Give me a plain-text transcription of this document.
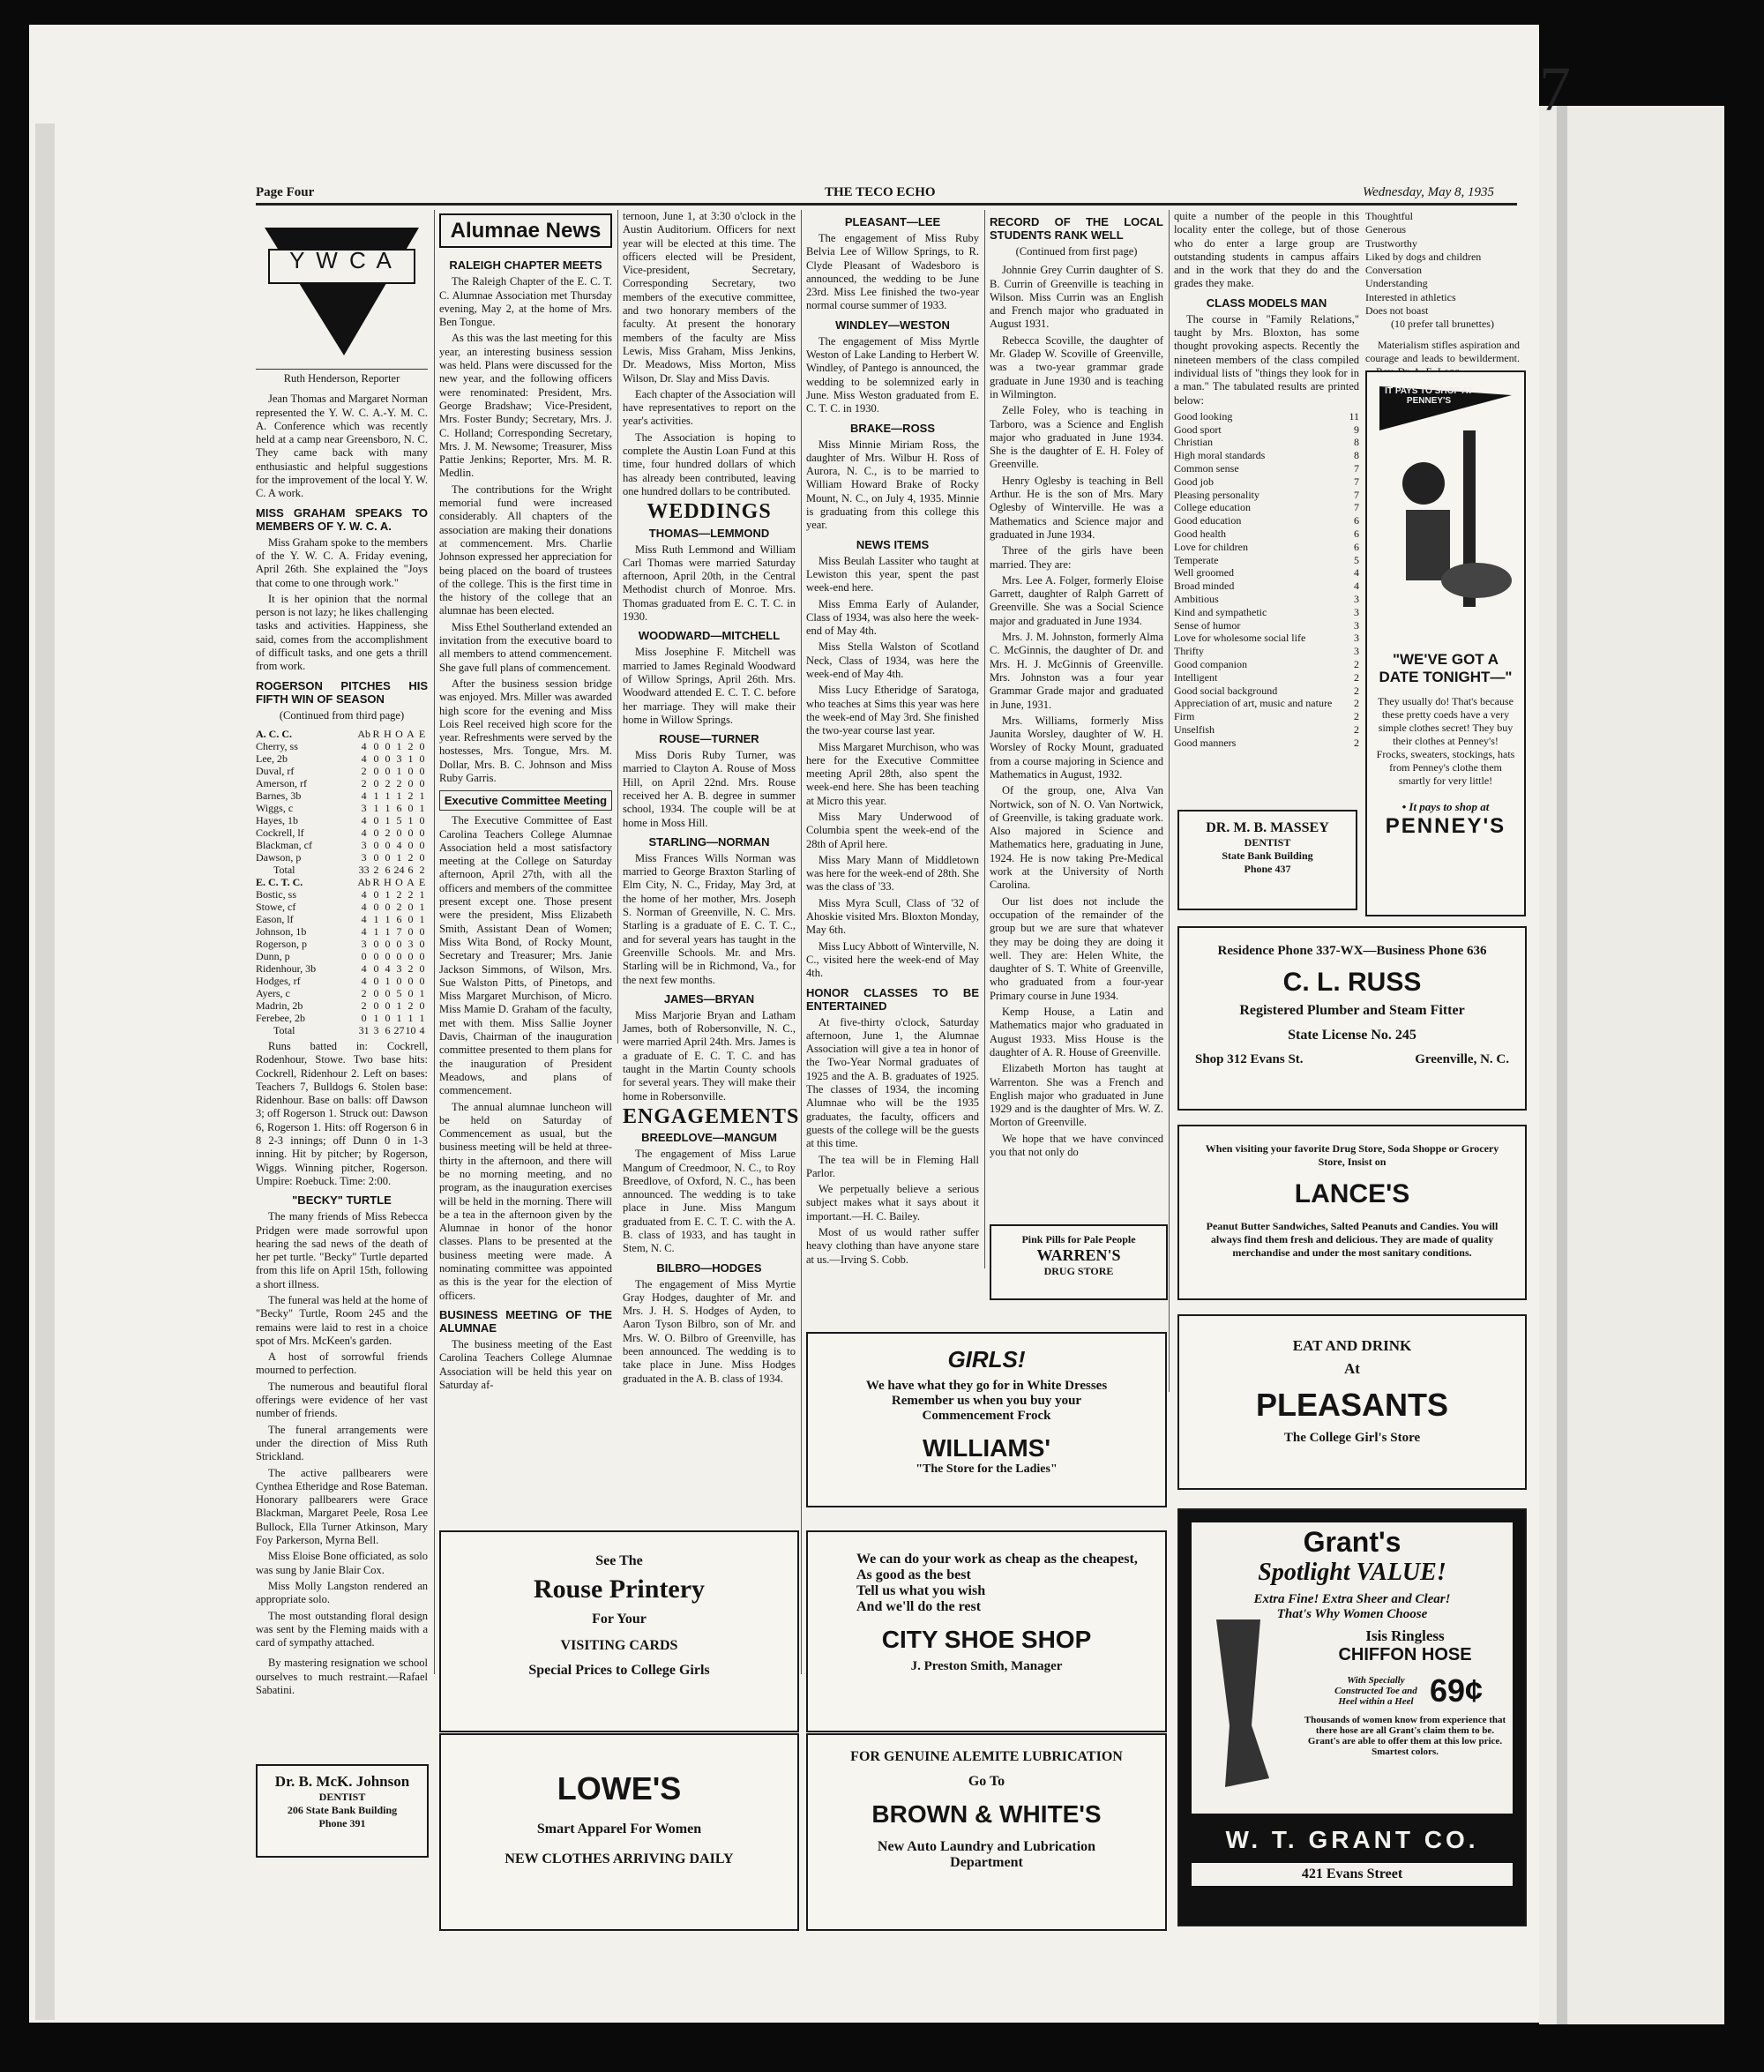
7
Page Four	THE TECO ECHO	Wednesday, May 8, 1935
Y W C A
Ruth Henderson, Reporter

Jean Thomas and Margaret Norman represented the Y. W. C. A.-Y. M. C. A. Conference which was recently held at a camp near Greensboro, N. C. They came back with many enthusiastic and helpful suggestions for the improvement of the local Y. W. C. A work.

MISS GRAHAM SPEAKS TO MEMBERS OF Y. W. C. A.

Miss Graham spoke to the members of the Y. W. C. A. Friday evening, April 26th. She explained the "Joys that come to one through work."

It is her opinion that the normal person is not lazy; he likes challenging tasks and activities. Happiness, she said, comes from the accomplishment of difficult tasks, and one gets a thrill from work.

ROGERSON PITCHES HIS FIFTH WIN OF SEASON
(Continued from third page)
A. C. C.	Ab	R	H	O	A	E
Cherry, ss	4	0	0	1	2	0
Lee, 2b	4	0	0	3	1	0
Duval, rf	2	0	0	1	0	0
Amerson, rf	2	0	2	2	0	0
Barnes, 3b	4	1	1	1	2	1
Wiggs, c	3	1	1	6	0	1
Hayes, 1b	4	0	1	5	1	0
Cockrell, lf	4	0	2	0	0	0
Blackman, cf	3	0	0	4	0	0
Dawson, p	3	0	0	1	2	0
Total	33	2	6	24	6	2
E. C. T. C.	Ab	R	H	O	A	E
Bostic, ss	4	0	1	2	2	1
Stowe, cf	4	0	0	2	0	1
Eason, lf	4	1	1	6	0	1
Johnson, 1b	4	1	1	7	0	0
Rogerson, p	3	0	0	0	3	0
Dunn, p	0	0	0	0	0	0
Ridenhour, 3b	4	0	4	3	2	0
Hodges, rf	4	0	1	0	0	0
Ayers, c	2	0	0	5	0	1
Madrin, 2b	2	0	0	1	2	0
Ferebee, 2b	0	1	0	1	1	1
Total	31	3	6	27	10	4

Runs batted in: Cockrell, Rodenhour, Stowe. Two base hits: Cockrell, Ridenhour 2. Left on bases: Teachers 7, Bulldogs 6. Stolen base: Ridenhour. Base on balls: off Dawson 3; off Rogerson 1. Struck out: Dawson 6, Rogerson 1. Hits: off Rogerson 6 in 8 2-3 innings; off Dunn 0 in 1-3 inning. Hit by pitcher; by Rogerson, Wiggs. Winning pitcher, Rogerson. Umpire: Roebuck. Time: 2:00.

"BECKY" TURTLE

The many friends of Miss Rebecca Pridgen were made sorrowful upon hearing the sad news of the death of her pet turtle. "Becky" Turtle departed from this life on April 15th, following a short illness.

The funeral was held at the home of "Becky" Turtle, Room 245 and the remains were laid to rest in a choice spot of Mrs. McKeen's garden.

A host of sorrowful friends mourned to perfection.

The numerous and beautiful floral offerings were evidence of her vast number of friends.

The funeral arrangements were under the direction of Miss Ruth Strickland.

The active pallbearers were Cynthea Etheridge and Rose Bateman. Honorary pallbearers were Grace Blackman, Margaret Peele, Rosa Lee Bullock, Ella Turner Atkinson, Mary Foy Parkerson, Myrna Bell.

Miss Eloise Bone officiated, as solo was sung by Janie Blair Cox.

Miss Molly Langston rendered an appropriate solo.

The most outstanding floral design was sent by the Fleming maids with a card of sympathy attached.

By mastering resignation we school ourselves to much restraint.—Rafael Sabatini.

Dr. B. McK. Johnson
DENTIST
206 State Bank Building
Phone 391
Alumnae News
RALEIGH CHAPTER MEETS

The Raleigh Chapter of the E. C. T. C. Alumnae Association met Thursday evening, May 2, at the home of Mrs. Ben Tongue.

As this was the last meeting for this year, an interesting business session was held. Plans were discussed for the new year, and the following officers were renominated: President, Mrs. George Bradshaw; Vice-President, Mrs. Foster Bundy; Secretary, Mrs. J. C. Holland; Corresponding Secretary, Mrs. J. M. Newsome; Treasurer, Miss Pattie Jenkins; Reporter, Mrs. M. R. Medlin.

The contributions for the Wright memorial fund were increased considerably. All chapters of the association are making their donations at commencement. Mrs. Charlie Johnson expressed her appreciation for being placed on the board of trustees of the college. This is the first time in the history of the college that an alumnae has been elected.

Miss Ethel Southerland extended an invitation from the executive board to all members to attend commencement. She gave full plans of commencement.

After the business session bridge was enjoyed. Mrs. Miller was awarded high score for the evening and Miss Lois Reel received high score for the year. Refreshments were served by the hostesses, Mrs. Tongue, Mrs. M. Dollar, Mrs. B. C. Johnson and Miss Ruby Garris.

Executive Committee Meeting

The Executive Committee of East Carolina Teachers College Alumnae Association held a most satisfactory meeting at the College on Saturday afternoon, April 27th, with all the officers and members of the committee present except one. Those present were the president, Miss Elizabeth Smith, Assistant Dean of Women; Miss Wita Bond, of Rocky Mount, Secretary and Treasurer; Mrs. Janie Jackson Simmons, of Wilson, Mrs. Sue Walston Pitts, of Pinetops, and Miss Margaret Murchison, of Micro. Miss Mamie D. Graham of the faculty, met with them. Miss Sallie Joyner Davis, Chairman of the inauguration committee presented to them plans for the inauguration of President Meadows, and plans of commencement.

The annual alumnae luncheon will be held on Saturday of Commencement as usual, but the business meeting will be held at three-thirty in the afternoon, and there will be no morning meeting, and no program, as the inauguration exercises will be held in the morning. There will be a tea in the afternoon given by the Alumnae in honor of the honor classes. Plans to be presented at the business meeting were made. A nominating committee was appointed as this is the year for the election of officers.

BUSINESS MEETING OF THE ALUMNAE

The business meeting of the East Carolina Teachers College Alumnae Association will be held this year on Saturday af-

ternoon, June 1, at 3:30 o'clock in the Austin Auditorium. Officers for next year will be elected at this time. The officers elected will be President, Vice-president, Secretary, Corresponding Secretary, two members of the executive committee, and two honorary members of the faculty. At present the honorary members of the faculty are Miss Lewis, Miss Graham, Miss Jenkins, Dr. Meadows, Miss Morton, Miss Wilson, Dr. Slay and Miss Davis.

Each chapter of the Association will have representatives to report on the year's activities.

The Association is hoping to complete the Austin Loan Fund at this time, four hundred dollars of which has already been contributed, leaving one hundred dollars to be contributed.

WEDDINGS
THOMAS—LEMMOND

Miss Ruth Lemmond and William Carl Thomas were married Saturday afternoon, April 20th, in the Central Methodist church of Monroe. Mrs. Thomas graduated from E. C. T. C. in 1930.

WOODWARD—MITCHELL

Miss Josephine F. Mitchell was married to James Reginald Woodward of Willow Springs, April 26th. Mrs. Woodward attended E. C. T. C. before her marriage. They will make their home in Willow Springs.

ROUSE—TURNER

Miss Doris Ruby Turner, was married to Clayton A. Rouse of Moss Hill, on April 22nd. Mrs. Rouse received her A. B. degree in summer school, 1934. The couple will be at home in Moss Hill.

STARLING—NORMAN

Miss Frances Wills Norman was married to George Braxton Starling of Elm City, N. C., Friday, May 3rd, at the home of her mother, Mrs. Joseph S. Norman of Greenville, N. C. Mrs. Starling is a graduate of E. C. T. C., and for several years has taught in the Greenville Schools. Mr. and Mrs. Starling will be in Richmond, Va., for the next few months.

JAMES—BRYAN

Miss Marjorie Bryan and Latham James, both of Robersonville, N. C., were married April 24th. Mrs. James is a graduate of E. C. T. C. and has taught in the Martin County schools for several years. They will make their home in Robersonville.

ENGAGEMENTS
BREEDLOVE—MANGUM

The engagement of Miss Larue Mangum of Creedmoor, N. C., to Roy Breedlove, of Oxford, N. C., has been announced. The wedding is to take place in June. Miss Mangum graduated from E. C. T. C. with the A. B. class of 1933, and has taught in Stem, N. C.

BILBRO—HODGES

The engagement of Miss Myrtie Gray Hodges, daughter of Mr. and Mrs. J. H. S. Hodges of Ayden, to Aaron Tyson Bilbro, son of Mr. and Mrs. W. O. Bilbro of Greenville, has been announced. The wedding is to take place in June. Miss Hodges graduated in the A. B. class of 1934.

PLEASANT—LEE

The engagement of Miss Ruby Belvia Lee of Willow Springs, to R. Clyde Pleasant of Wadesboro is announced, the wedding to be June 23rd. Miss Lee finished the two-year normal course summer of 1933.

WINDLEY—WESTON

The engagement of Miss Myrtle Weston of Lake Landing to Herbert W. Windley, of Pantego is announced, the wedding to be solemnized early in June. Miss Weston graduated from E. C. T. C. in 1930.

BRAKE—ROSS

Miss Minnie Miriam Ross, the daughter of Mrs. Wilbur H. Ross of Aurora, N. C., is to be married to William Howard Brake of Rocky Mount, N. C., on July 4, 1935. Minnie is graduating from this college this year.

NEWS ITEMS

Miss Beulah Lassiter who taught at Lewiston this year, spent the past week-end here.

Miss Emma Early of Aulander, Class of 1934, was also here the week-end of May 4th.

Miss Stella Walston of Scotland Neck, Class of 1934, was here the week-end of May 4th.

Miss Lucy Etheridge of Saratoga, who teaches at Sims this year was here the week-end of May 3rd. She finished the two-year course last year.

Miss Margaret Murchison, who was here for the Executive Committee meeting April 28th, also spent the week-end here. She has been teaching at Micro this year.

Miss Mary Underwood of Columbia spent the week-end of the 28th of April here.

Miss Mary Mann of Middletown was here for the week-end of 28th. She was the class of '33.

Miss Myra Scull, Class of '32 of Ahoskie visited Mrs. Bloxton Monday, May 6th.

Miss Lucy Abbott of Winterville, N. C., visited here the week-end of May 4th.

HONOR CLASSES TO BE ENTERTAINED

At five-thirty o'clock, Saturday afternoon, June 1, the Alumnae Association will give a tea in honor of the Two-Year Normal graduates of 1925 and the A. B. graduates of 1925. The classes of 1934, the incoming Alumnae who will be the 1935 graduates, the faculty, officers and guests of the college will be the guests at this time.

The tea will be in Fleming Hall Parlor.

We perpetually believe a serious subject makes what it says about it important.—H. C. Bailey.

Most of us would rather suffer heavy clothing than have anyone stare at us.—Irving S. Cobb.

RECORD OF THE LOCAL STUDENTS RANK WELL
(Continued from first page)

Johnnie Grey Currin daughter of S. B. Currin of Greenville is teaching in Wilson. Miss Currin was an English and French major who graduated in August 1931.

Rebecca Scoville, the daughter of Mr. Gladep W. Scoville of Greenville, was a two-year grammar grade graduate in June 1930 and is teaching in Wilmington.

Zelle Foley, who is teaching in Tarboro, was a Science and English major who graduated in June 1934. She is the daughter of E. H. Foley of Greenville.

Henry Oglesby is teaching in Bell Arthur. He is the son of Mrs. Mary Oglesby of Winterville. He was a Mathematics and Science major and graduated in June 1934.

Three of the girls have been married. They are:

Mrs. Lee A. Folger, formerly Eloise Garrett, daughter of Ralph Garrett of Greenville. She was a Social Science major and graduated in June 1934.

Mrs. J. M. Johnston, formerly Alma C. McGinnis, the daughter of Dr. and Mrs. H. J. McGinnis of Greenville. Mrs. Johnston was a four year Grammar Grade major and graduated in June, 1931.

Mrs. Williams, formerly Miss Jaunita Worsley, daughter of W. H. Worsley of Rocky Mount, graduated from a course majoring in Science and Mathematics in August, 1932.

Of the group, one, Alva Van Nortwick, son of N. O. Van Nortwick, of Greenville, is taking graduate work. Also majored in Science and Mathematics here, graduating in June, 1924. He is now taking Pre-Medical work at the University of North Carolina.

Our list does not include the occupation of the remainder of the group but we are sure that whatever they may be doing they are doing it well. They are: Helen White, the daughter of S. T. White of Greenville, who graduated from a four-year Primary course in June 1934.

Kemp House, a Latin and Mathematics major who graduated in August 1933. Miss House is the daughter of A. R. House of Greenville.

Elizabeth Morton has taught at Warrenton. She was a French and English major who graduated in June 1929 and is the daughter of Mrs. W. Z. Morton of Greenville.

We hope that we have convinced you that not only do

quite a number of the people in this locality enter the college, but of those who do enter a large group are outstanding students in campus affairs and in the work that they do and the grades they make.

CLASS MODELS MAN

The course in "Family Relations," taught by Mrs. Bloxton, has some thought provoking aspects. Recently the nineteen members of the class compiled individual lists of "things they look for in a man." The tabulated results are printed below:

Good looking	11
Good sport	9
Christian	8
High moral standards	8
Common sense	7
Good job	7
Pleasing personality	7
College education	7
Good education	6
Good health	6
Love for children	6
Temperate	5
Well groomed	4
Broad minded	4
Ambitious	3
Kind and sympathetic	3
Sense of humor	3
Love for wholesome social life	3
Thrifty	3
Good companion	2
Intelligent	2
Good social background	2
Appreciation of art, music and nature	2
Firm	2
Unselfish	2
Good manners	2
Thoughtful
Generous
Trustworthy
Liked by dogs and children
Conversation
Understanding
Interested in athletics
Does not boast
(10 prefer tall brunettes)

Materialism stifles aspiration and courage and leads to bewilderment.

IT PAYS TO SHOP AT PENNEY'S
"WE'VE GOT A DATE TONIGHT—"
They usually do! That's because these pretty coeds have a very simple clothes secret! They buy their clothes at Penney's! Frocks, sweaters, stockings, hats from Penney's clothe them smartly for very little!
• It pays to shop at
PENNEY'S
DR. M. B. MASSEY
DENTIST
State Bank Building
Phone 437
Pink Pills for Pale People
WARREN'S
DRUG STORE
Residence Phone 337-WX—Business Phone 636
C. L. RUSS
Registered Plumber and Steam Fitter
State License No. 245
Shop 312 Evans St.	Greenville, N. C.
When visiting your favorite Drug Store, Soda Shoppe or Grocery Store, Insist on
LANCE'S
Peanut Butter Sandwiches, Salted Peanuts and Candies. You will always find them fresh and delicious. They are made of quality merchandise and under the most sanitary conditions.
GIRLS!
We have what they go for in White Dresses
Remember us when you buy your
Commencement Frock
WILLIAMS'
"The Store for the Ladies"
EAT AND DRINK
At
PLEASANTS
The College Girl's Store
See The
Rouse Printery
For Your
VISITING CARDS
Special Prices to College Girls
We can do your work as cheap as the cheapest,
As good as the best
Tell us what you wish
And we'll do the rest
CITY SHOE SHOP
J. Preston Smith, Manager
LOWE'S
Smart Apparel For Women
NEW CLOTHES ARRIVING DAILY
FOR GENUINE ALEMITE LUBRICATION
Go To
BROWN & WHITE'S
New Auto Laundry and Lubrication
Department
Grant's
Spotlight VALUE!
Extra Fine! Extra Sheer and Clear!
That's Why Women Choose
Isis Ringless
CHIFFON HOSE
With Specially Constructed Toe and Heel within a Heel 69¢
Thousands of women know from experience that there hose are all Grant's claim them to be. Grant's are able to offer them at this low price. Smartest colors.
W. T. GRANT CO.
421 Evans Street
